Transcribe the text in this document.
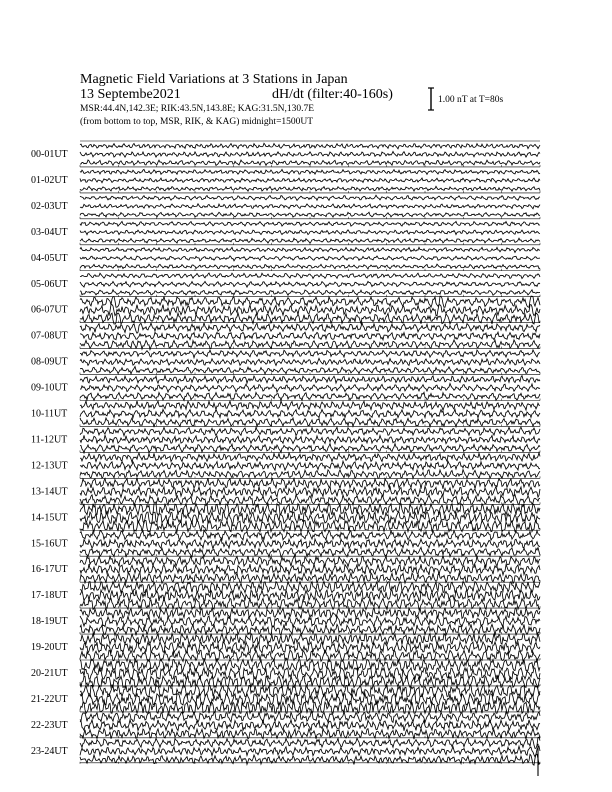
Magnetic Field Variations at 3 Stations in Japan
13 Septembe2021	dH/dt (filter:40-160s)
MSR:44.4N,142.3E; RIK:43.5N,143.8E; KAG:31.5N,130.7E
(from bottom to top, MSR, RIK, & KAG) midnight=1500UT
1.00 nT at T=80s
00-01UT
01-02UT
02-03UT
03-04UT
04-05UT
05-06UT
06-07UT
07-08UT
08-09UT
09-10UT
10-11UT
11-12UT
12-13UT
13-14UT
14-15UT
15-16UT
16-17UT
17-18UT
18-19UT
19-20UT
20-21UT
21-22UT
22-23UT
23-24UT
